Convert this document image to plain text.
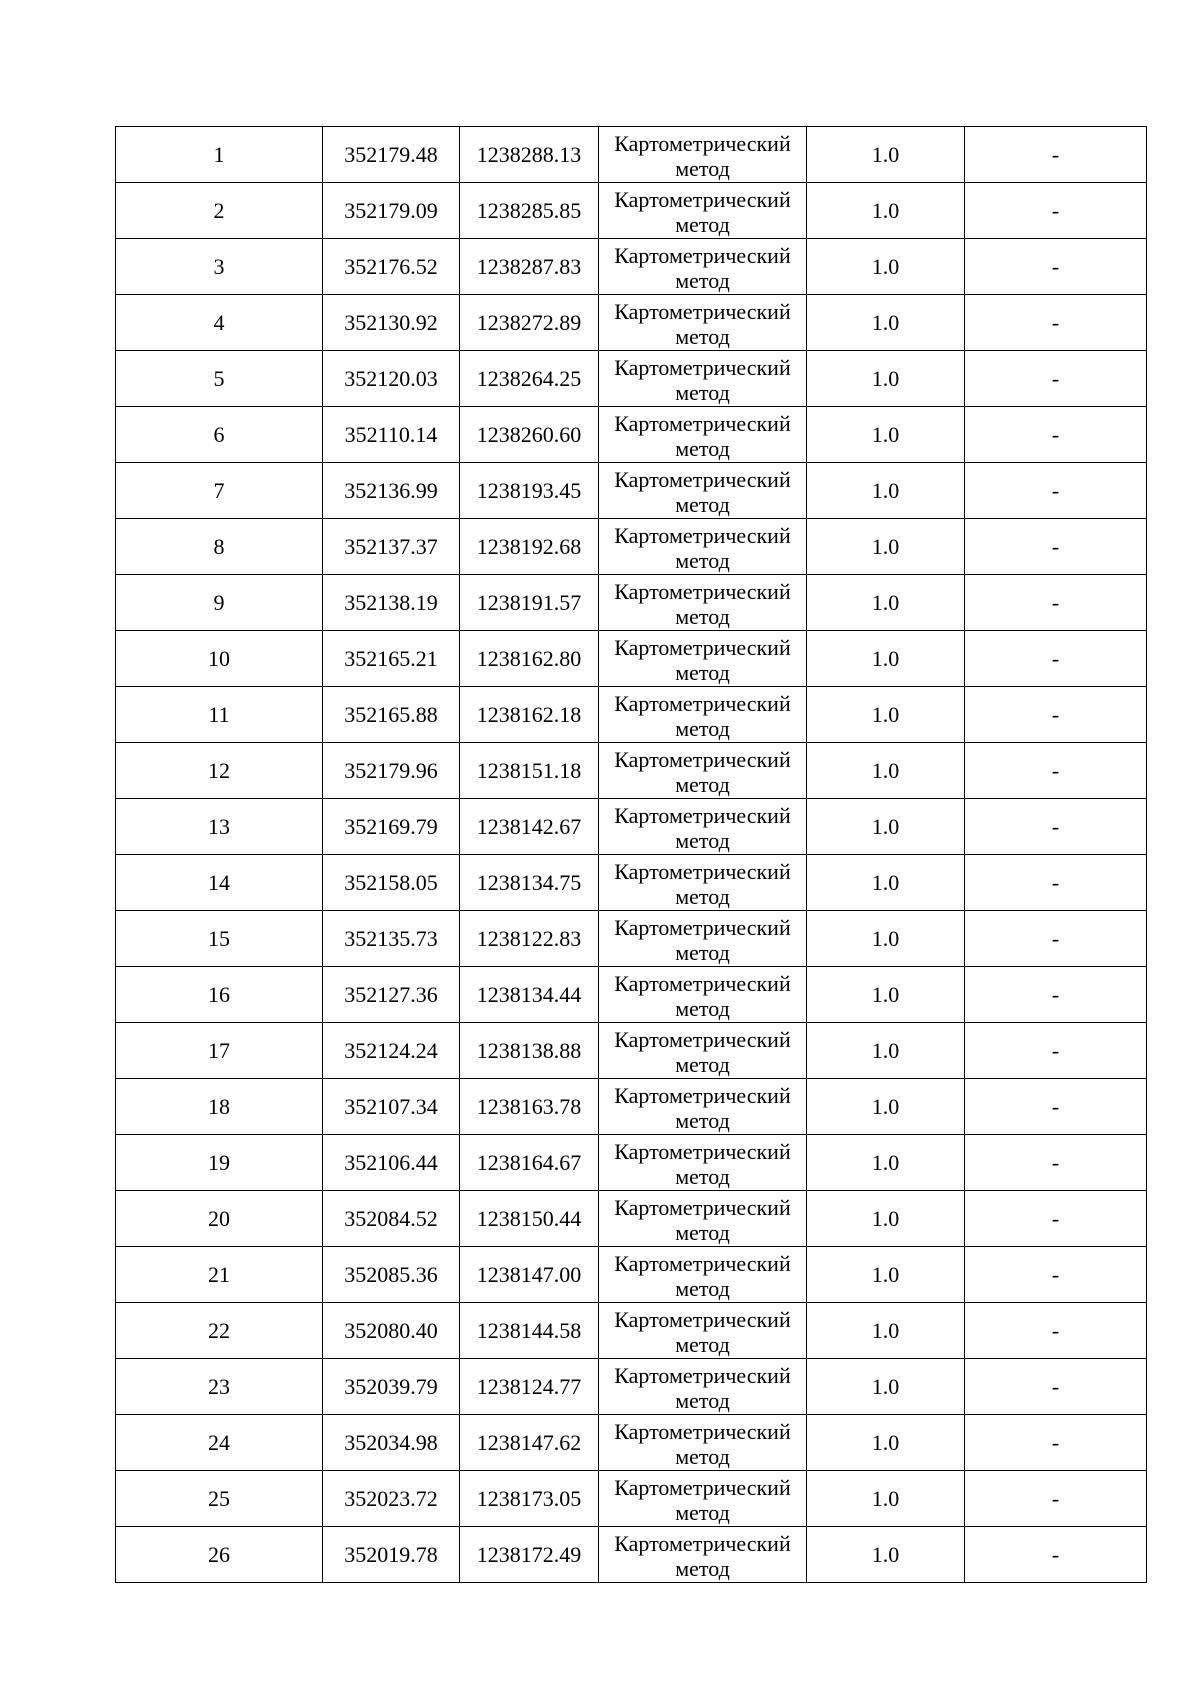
1	352179.48	1238288.13	Картометрический
метод	1.0	-
2	352179.09	1238285.85	Картометрический
метод	1.0	-
3	352176.52	1238287.83	Картометрический
метод	1.0	-
4	352130.92	1238272.89	Картометрический
метод	1.0	-
5	352120.03	1238264.25	Картометрический
метод	1.0	-
6	352110.14	1238260.60	Картометрический
метод	1.0	-
7	352136.99	1238193.45	Картометрический
метод	1.0	-
8	352137.37	1238192.68	Картометрический
метод	1.0	-
9	352138.19	1238191.57	Картометрический
метод	1.0	-
10	352165.21	1238162.80	Картометрический
метод	1.0	-
11	352165.88	1238162.18	Картометрический
метод	1.0	-
12	352179.96	1238151.18	Картометрический
метод	1.0	-
13	352169.79	1238142.67	Картометрический
метод	1.0	-
14	352158.05	1238134.75	Картометрический
метод	1.0	-
15	352135.73	1238122.83	Картометрический
метод	1.0	-
16	352127.36	1238134.44	Картометрический
метод	1.0	-
17	352124.24	1238138.88	Картометрический
метод	1.0	-
18	352107.34	1238163.78	Картометрический
метод	1.0	-
19	352106.44	1238164.67	Картометрический
метод	1.0	-
20	352084.52	1238150.44	Картометрический
метод	1.0	-
21	352085.36	1238147.00	Картометрический
метод	1.0	-
22	352080.40	1238144.58	Картометрический
метод	1.0	-
23	352039.79	1238124.77	Картометрический
метод	1.0	-
24	352034.98	1238147.62	Картометрический
метод	1.0	-
25	352023.72	1238173.05	Картометрический
метод	1.0	-
26	352019.78	1238172.49	Картометрический
метод	1.0	-
